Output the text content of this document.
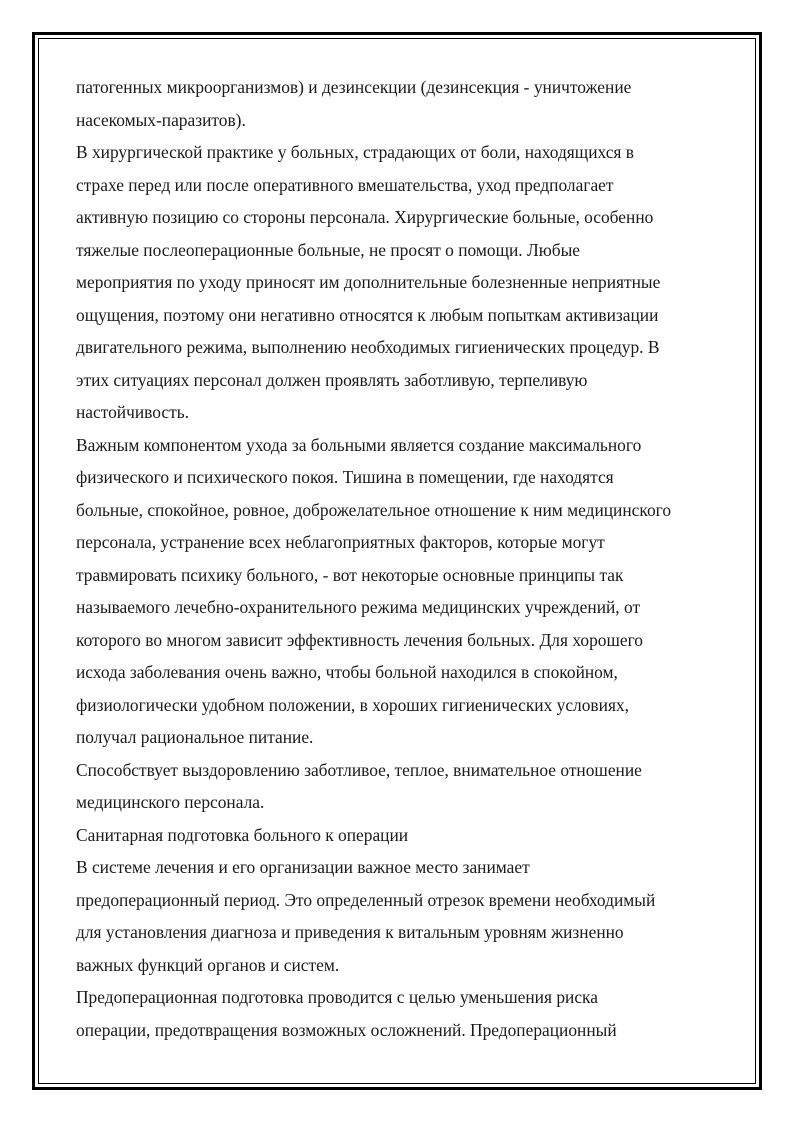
патогенных микроорганизмов) и дезинсекции (дезинсекция - уничтожение
насекомых-паразитов).
В хирургической практике у больных, страдающих от боли, находящихся в
страхе перед или после оперативного вмешательства, уход предполагает
активную позицию со стороны персонала. Хирургические больные, особенно
тяжелые послеоперационные больные, не просят о помощи. Любые
мероприятия по уходу приносят им дополнительные болезненные неприятные
ощущения, поэтому они негативно относятся к любым попыткам активизации
двигательного режима, выполнению необходимых гигиенических процедур. В
этих ситуациях персонал должен проявлять заботливую, терпеливую
настойчивость.
Важным компонентом ухода за больными является создание максимального
физического и психического покоя. Тишина в помещении, где находятся
больные, спокойное, ровное, доброжелательное отношение к ним медицинского
персонала, устранение всех неблагоприятных факторов, которые могут
травмировать психику больного, - вот некоторые основные принципы так
называемого лечебно-охранительного режима медицинских учреждений, от
которого во многом зависит эффективность лечения больных. Для хорошего
исхода заболевания очень важно, чтобы больной находился в спокойном,
физиологически удобном положении, в хороших гигиенических условиях,
получал рациональное питание.
Способствует выздоровлению заботливое, теплое, внимательное отношение
медицинского персонала.
Санитарная подготовка больного к операции
В системе лечения и его организации важное место занимает
предоперационный период. Это определенный отрезок времени необходимый
для установления диагноза и приведения к витальным уровням жизненно
важных функций органов и систем.
Предоперационная подготовка проводится с целью уменьшения риска
операции, предотвращения возможных осложнений. Предоперационный
